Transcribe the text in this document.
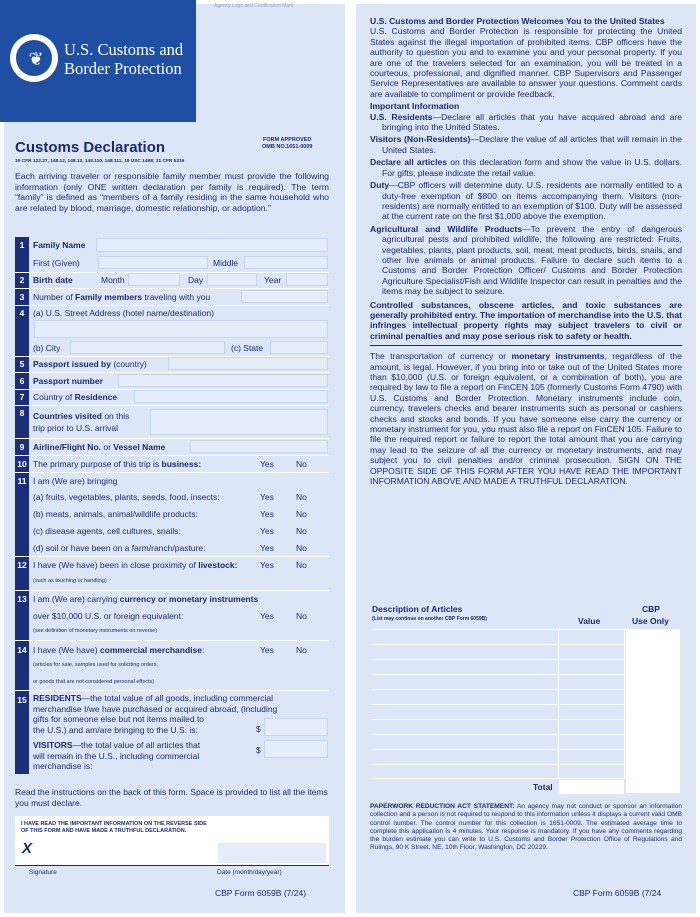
❦ U.S. Customs and
Border Protection
Agency Logo and Certification Mark
Customs Declaration	FORM APPROVED
OMB NO.1651-0009
19 CFR 122.27, 148.12, 148.13, 148.110, 148.111, 19 USC 1498; 31 CFR 5316
Each arriving traveler or responsible family member must provide the following information (only ONE written declaration per family is required). The term “family” is defined as “members of a family residing in the same household who are related by blood, marriage, domestic relationship, or adoption.”
1	Family Name
First (Given)	Middle
2	Birth date	Month	Day	Year
3	Number of Family members traveling with you
4	(a) U.S. Street Address (hotel name/destination)
(b) City	(c) State
5	Passport issued by (country)
6	Passport number
7	Country of Residence
8	Countries visited on this
trip prior to U.S. arrival
9	Airline/Flight No. or Vessel Name
10 The primary purpose of this trip is business:	Yes	No
11 I am (We are) bringing
(a) fruits, vegetables, plants, seeds, food, insects:	Yes	No
(b) meats, animals, animal/wildlife products:	Yes	No
(c) disease agents, cell cultures, snails:	Yes	No
(d) soil or have been on a farm/ranch/pasture:	Yes	No
12 I have (We have) been in close proximity of livestock:	Yes	No
(such as touching or handling)
13 I am (We are) carrying currency or monetary instruments
over $10,000 U.S. or foreign equivalent:	Yes	No
(see definition of monetary instruments on reverse)
14 I have (We have) commercial merchandise:	Yes	No
(articles for sale, samples used for soliciting orders,
or goods that are not considered personal effects)
15 RESIDENTS—the total value of all goods, including commercial
merchandise I/we have purchased or acquired abroad, (including
gifts for someone else but not items mailed to
the U.S.) and am/are bringing to the U.S. is:	$
VISITORS—the total value of all articles that
will remain in the U.S., including commercial
merchandise is:
$
Read the instructions on the back of this form. Space is provided to list all the items you must declare.
I HAVE READ THE IMPORTANT INFORMATION ON THE REVERSE SIDE OF THIS FORM AND HAVE MADE A TRUTHFUL DECLARATION.
X
Signature	Date (month/day/year)
CBP Form 6059B (7/24)
U.S. Customs and Border Protection Welcomes You to the United States

U.S. Customs and Border Protection is responsible for protecting the United States against the illegal importation of prohibited items. CBP officers have the authority to question you and to examine you and your personal property. If you are one of the travelers selected for an examination, you will be treated in a courteous, professional, and dignified manner. CBP Supervisors and Passenger Service Representatives are available to answer your questions. Comment cards are available to compliment or provide feedback.

Important Information

U.S. Residents—Declare all articles that you have acquired abroad and are bringing into the United States.

Visitors (Non-Residents)—Declare the value of all articles that will remain in the United States.

Declare all articles on this declaration form and show the value in U.S. dollars. For gifts, please indicate the retail value.

Duty—CBP officers will determine duty. U.S. residents are normally entitled to a duty-free exemption of $800 on items accompanying them. Visitors (non-residents) are normally entitled to an exemption of $100. Duty will be assessed at the current rate on the first $1,000 above the exemption.

Agricultural and Wildlife Products—To prevent the entry of dangerous agricultural pests and prohibited wildlife, the following are restricted: Fruits, vegetables, plants, plant products, soil, meat, meat products, birds, snails, and other live animals or animal products. Failure to declare such items to a Customs and Border Protection Officer/ Customs and Border Protection Agriculture Specialist/Fish and Wildlife Inspector can result in penalties and the items may be subject to seizure.

Controlled substances, obscene articles, and toxic substances are generally prohibited entry. The importation of merchandise into the U.S. that infringes intellectual property rights may subject travelers to civil or criminal penalties and may pose serious risk to safety or health.

The transportation of currency or monetary instruments, regardless of the amount, is legal. However, if you bring into or take out of the United States more than $10,000 (U.S. or foreign equivalent, or a combination of both), you are required by law to file a report on FinCEN 105 (formerly Customs Form 4790) with U.S. Customs and Border Protection. Monetary instruments include coin, currency, travelers checks and bearer instruments such as personal or cashiers checks and stocks and bonds. If you have someone else carry the currency or monetary instrument for you, you must also file a report on FinCEN 105. Failure to file the required report or failure to report the total amount that you are carrying may lead to the seizure of all the currency or monetary instruments, and may subject you to civil penalties and/or criminal prosecution. SIGN ON THE OPPOSITE SIDE OF THIS FORM AFTER YOU HAVE READ THE IMPORTANT INFORMATION ABOVE AND MADE A TRUTHFUL DECLARATION.

Description of Articles
(List may continue on another CBP Form 6059B)	Value
CBP
Use Only
Total
PAPERWORK REDUCTION ACT STATEMENT: An agency may not conduct or sponsor an information collection and a person is not required to respond to this information unless it displays a current valid OMB control number. The control number for this collection is 1651-0009. The estimated average time to complete this application is 4 minutes. Your response is mandatory. If you have any comments regarding the burden estimate you can write to U.S. Customs and Border Protection Office of Regulations and Rulings, 90 K Street, NE, 10th Floor, Washington, DC 20229.
CBP Form 6059B (7/24
